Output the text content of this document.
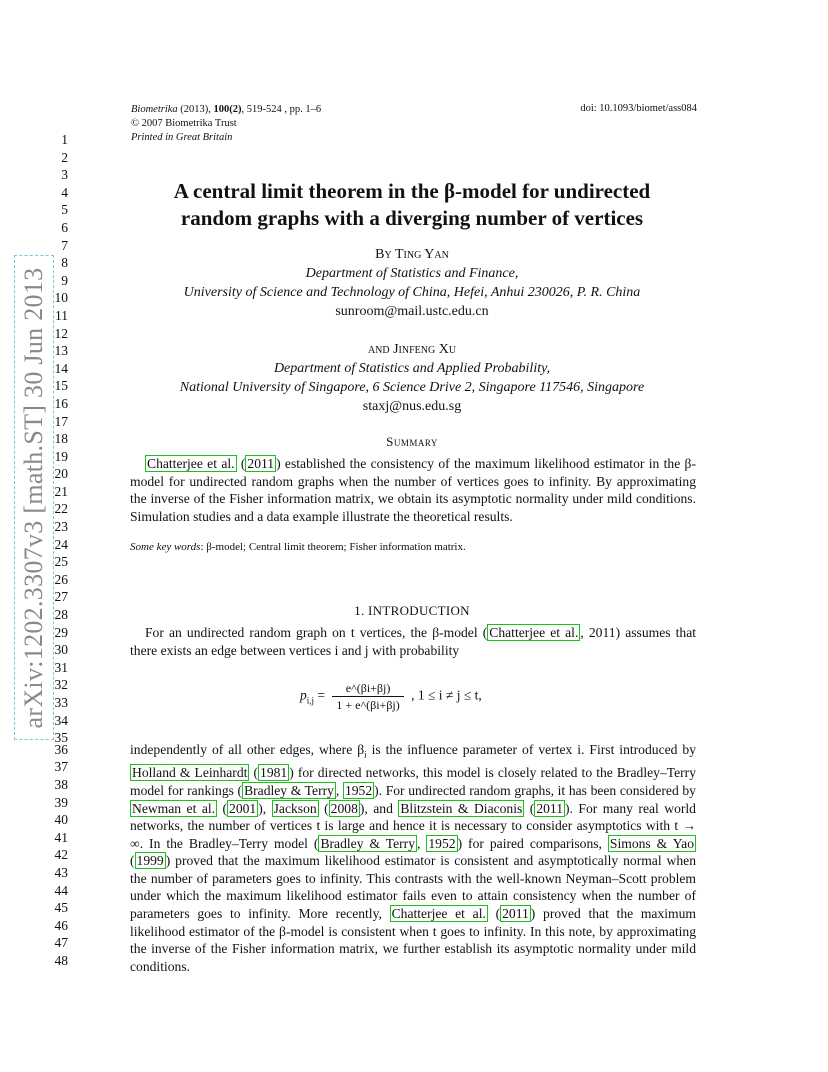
arXiv:1202.3307v3 [math.ST] 30 Jun 2013
1
2
3
4
5
6
7
8
9
10
11
12
13
14
15
16
17
18
19
20
21
22
23
24
25
26
27
28
29
30
31
32
33
34
35
36
37
38
39
40
41
42
43
44
45
46
47
48
Biometrika (2013), 100(2), 519-524 , pp. 1–6
© 2007 Biometrika Trust
Printed in Great Britain
doi: 10.1093/biomet/ass084
A central limit theorem in the β-model for undirected
random graphs with a diverging number of vertices
By Ting Yan
Department of Statistics and Finance,
University of Science and Technology of China, Hefei, Anhui 230026, P. R. China
sunroom@mail.ustc.edu.cn
and Jinfeng Xu
Department of Statistics and Applied Probability,
National University of Singapore, 6 Science Drive 2, Singapore 117546, Singapore
staxj@nus.edu.sg
Summary
Chatterjee et al. ( 2011 ) established the consistency of the maximum likelihood estimator in the β-model for undirected random graphs when the number of vertices goes to infinity. By approximating the inverse of the Fisher information matrix, we obtain its asymptotic normality under mild conditions. Simulation studies and a data example illustrate the theoretical results.
Some key words: β-model; Central limit theorem; Fisher information matrix.
1. INTRODUCTION
For an undirected random graph on t vertices, the β-model ( Chatterjee et al. , 2011) assumes that there exists an edge between vertices i and j with probability
$p_{i,j} = \frac{e\^{}(\beta i+\beta j)}{1 + e\^{}(\beta i+\beta j)}$ , 1 ≤ i ≠ j ≤ t,
independently of all other edges, where $\beta_i$ is the influence parameter of vertex i. First introduced by Holland & Leinhardt ( 1981 ) for directed networks, this model is closely related to the Bradley–Terry model for rankings ( Bradley & Terry , 1952 ). For undirected random graphs, it has been considered by Newman et al. ( 2001 ), Jackson ( 2008 ), and Blitzstein & Diaconis ( 2011 ). For many real world networks, the number of vertices t is large and hence it is necessary to consider asymptotics with t → ∞. In the Bradley–Terry model ( Bradley & Terry , 1952 ) for paired comparisons, Simons & Yao ( 1999 ) proved that the maximum likelihood estimator is consistent and asymptotically normal when the number of parameters goes to infinity. This contrasts with the well-known Neyman–Scott problem under which the maximum likelihood estimator fails even to attain consistency when the number of parameters goes to infinity. More recently, Chatterjee et al. ( 2011 ) proved that the maximum likelihood estimator of the β-model is consistent when t goes to infinity. In this note, by approximating the inverse of the Fisher information matrix, we further establish its asymptotic normality under mild conditions.
